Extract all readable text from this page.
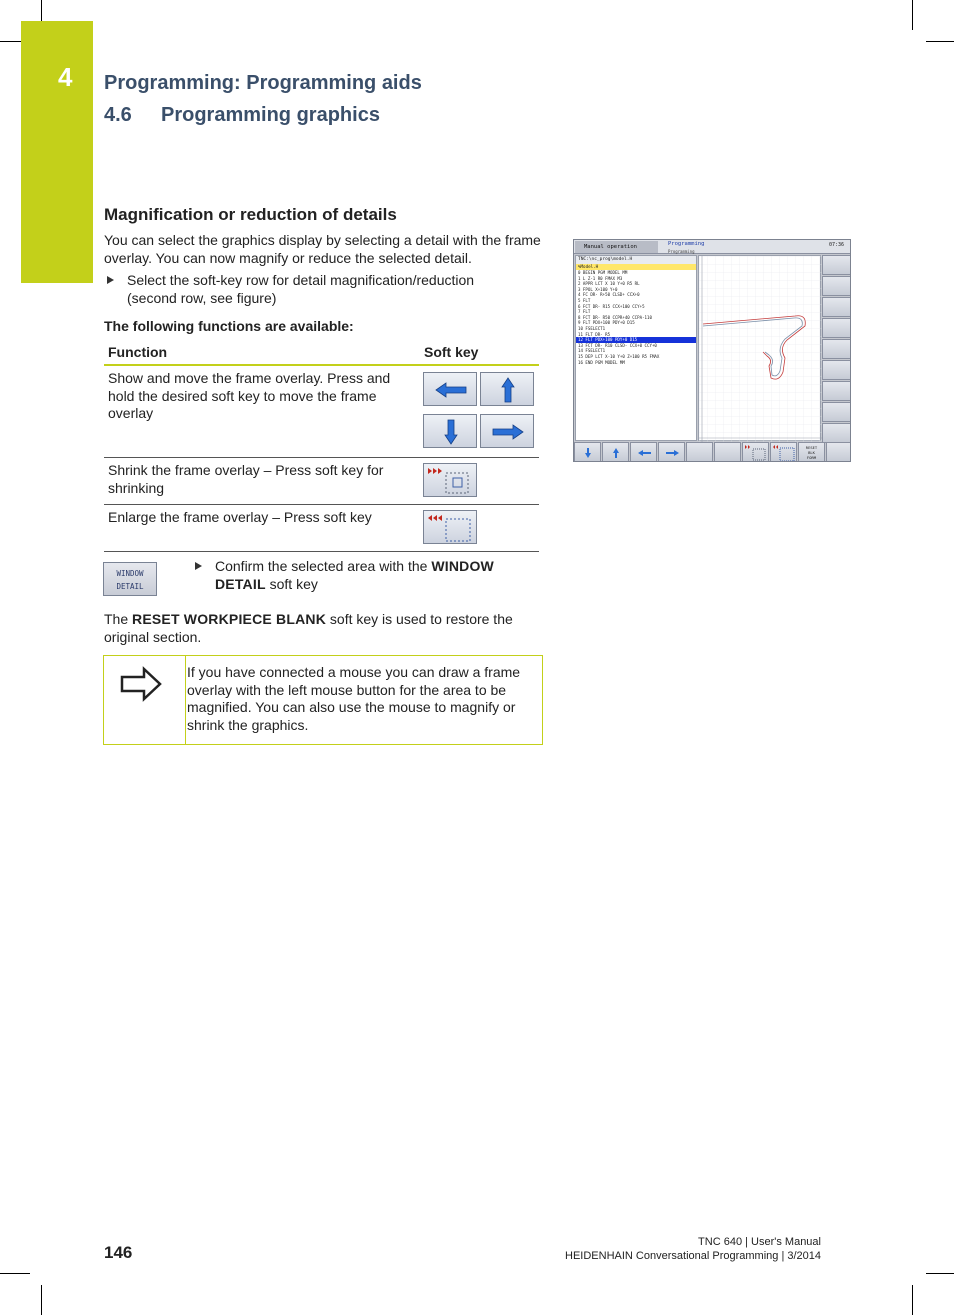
4 Programming: Programming aids
4.6 Programming graphics
Magnification or reduction of details
You can select the graphics display by selecting a detail with the frame overlay. You can now magnify or reduce the selected detail.
Select the soft-key row for detail magnification/reduction (second row, see figure)
The following functions are available:
Function	Soft key
Show and move the frame overlay. Press and hold the desired soft key to move the frame overlay
Shrink the frame overlay – Press soft key for shrinking
Enlarge the frame overlay – Press soft key
WINDOW
DETAIL
Confirm the selected area with the WINDOW DETAIL soft key
The RESET WORKPIECE BLANK soft key is used to restore the original section.
If you have connected a mouse you can draw a frame overlay with the left mouse button for the area to be magnified. You can also use the mouse to magnify or shrink the graphics.
Manual operation	Programming
Programming
07:36
TNC:\nc_prog\model.H
%Model.H
0 BEGIN PGM MODEL MM
1 L Z-1 R0 FMAX M3
2 APPR LCT X 10 Y+0 R5 RL
3 FPOL X+100 Y+0
4 FC DR- R+50 CLSD+ CCX+0
5 FLT
6 FCT DR- R15 CCX+100 CCY+5
7 FLT
8 FCT DR- R50 CCPR+40 CCPA-110
9 FLT PDX+100 PDY+0 D15
10 FSELECT1
11 FLT DR- R5
12 FLT PDX+100 PDY+0 D15
13 FCT DR- R10 CLSD- CCX+0 CCY+0
14 FSELECT1
15 DEP LCT X-10 Y+0 Z+100 R5 FMAX
16 END PGM MODEL MM
RESET
BLK
FORM
146
TNC 640 | User's Manual
HEIDENHAIN Conversational Programming | 3/2014
